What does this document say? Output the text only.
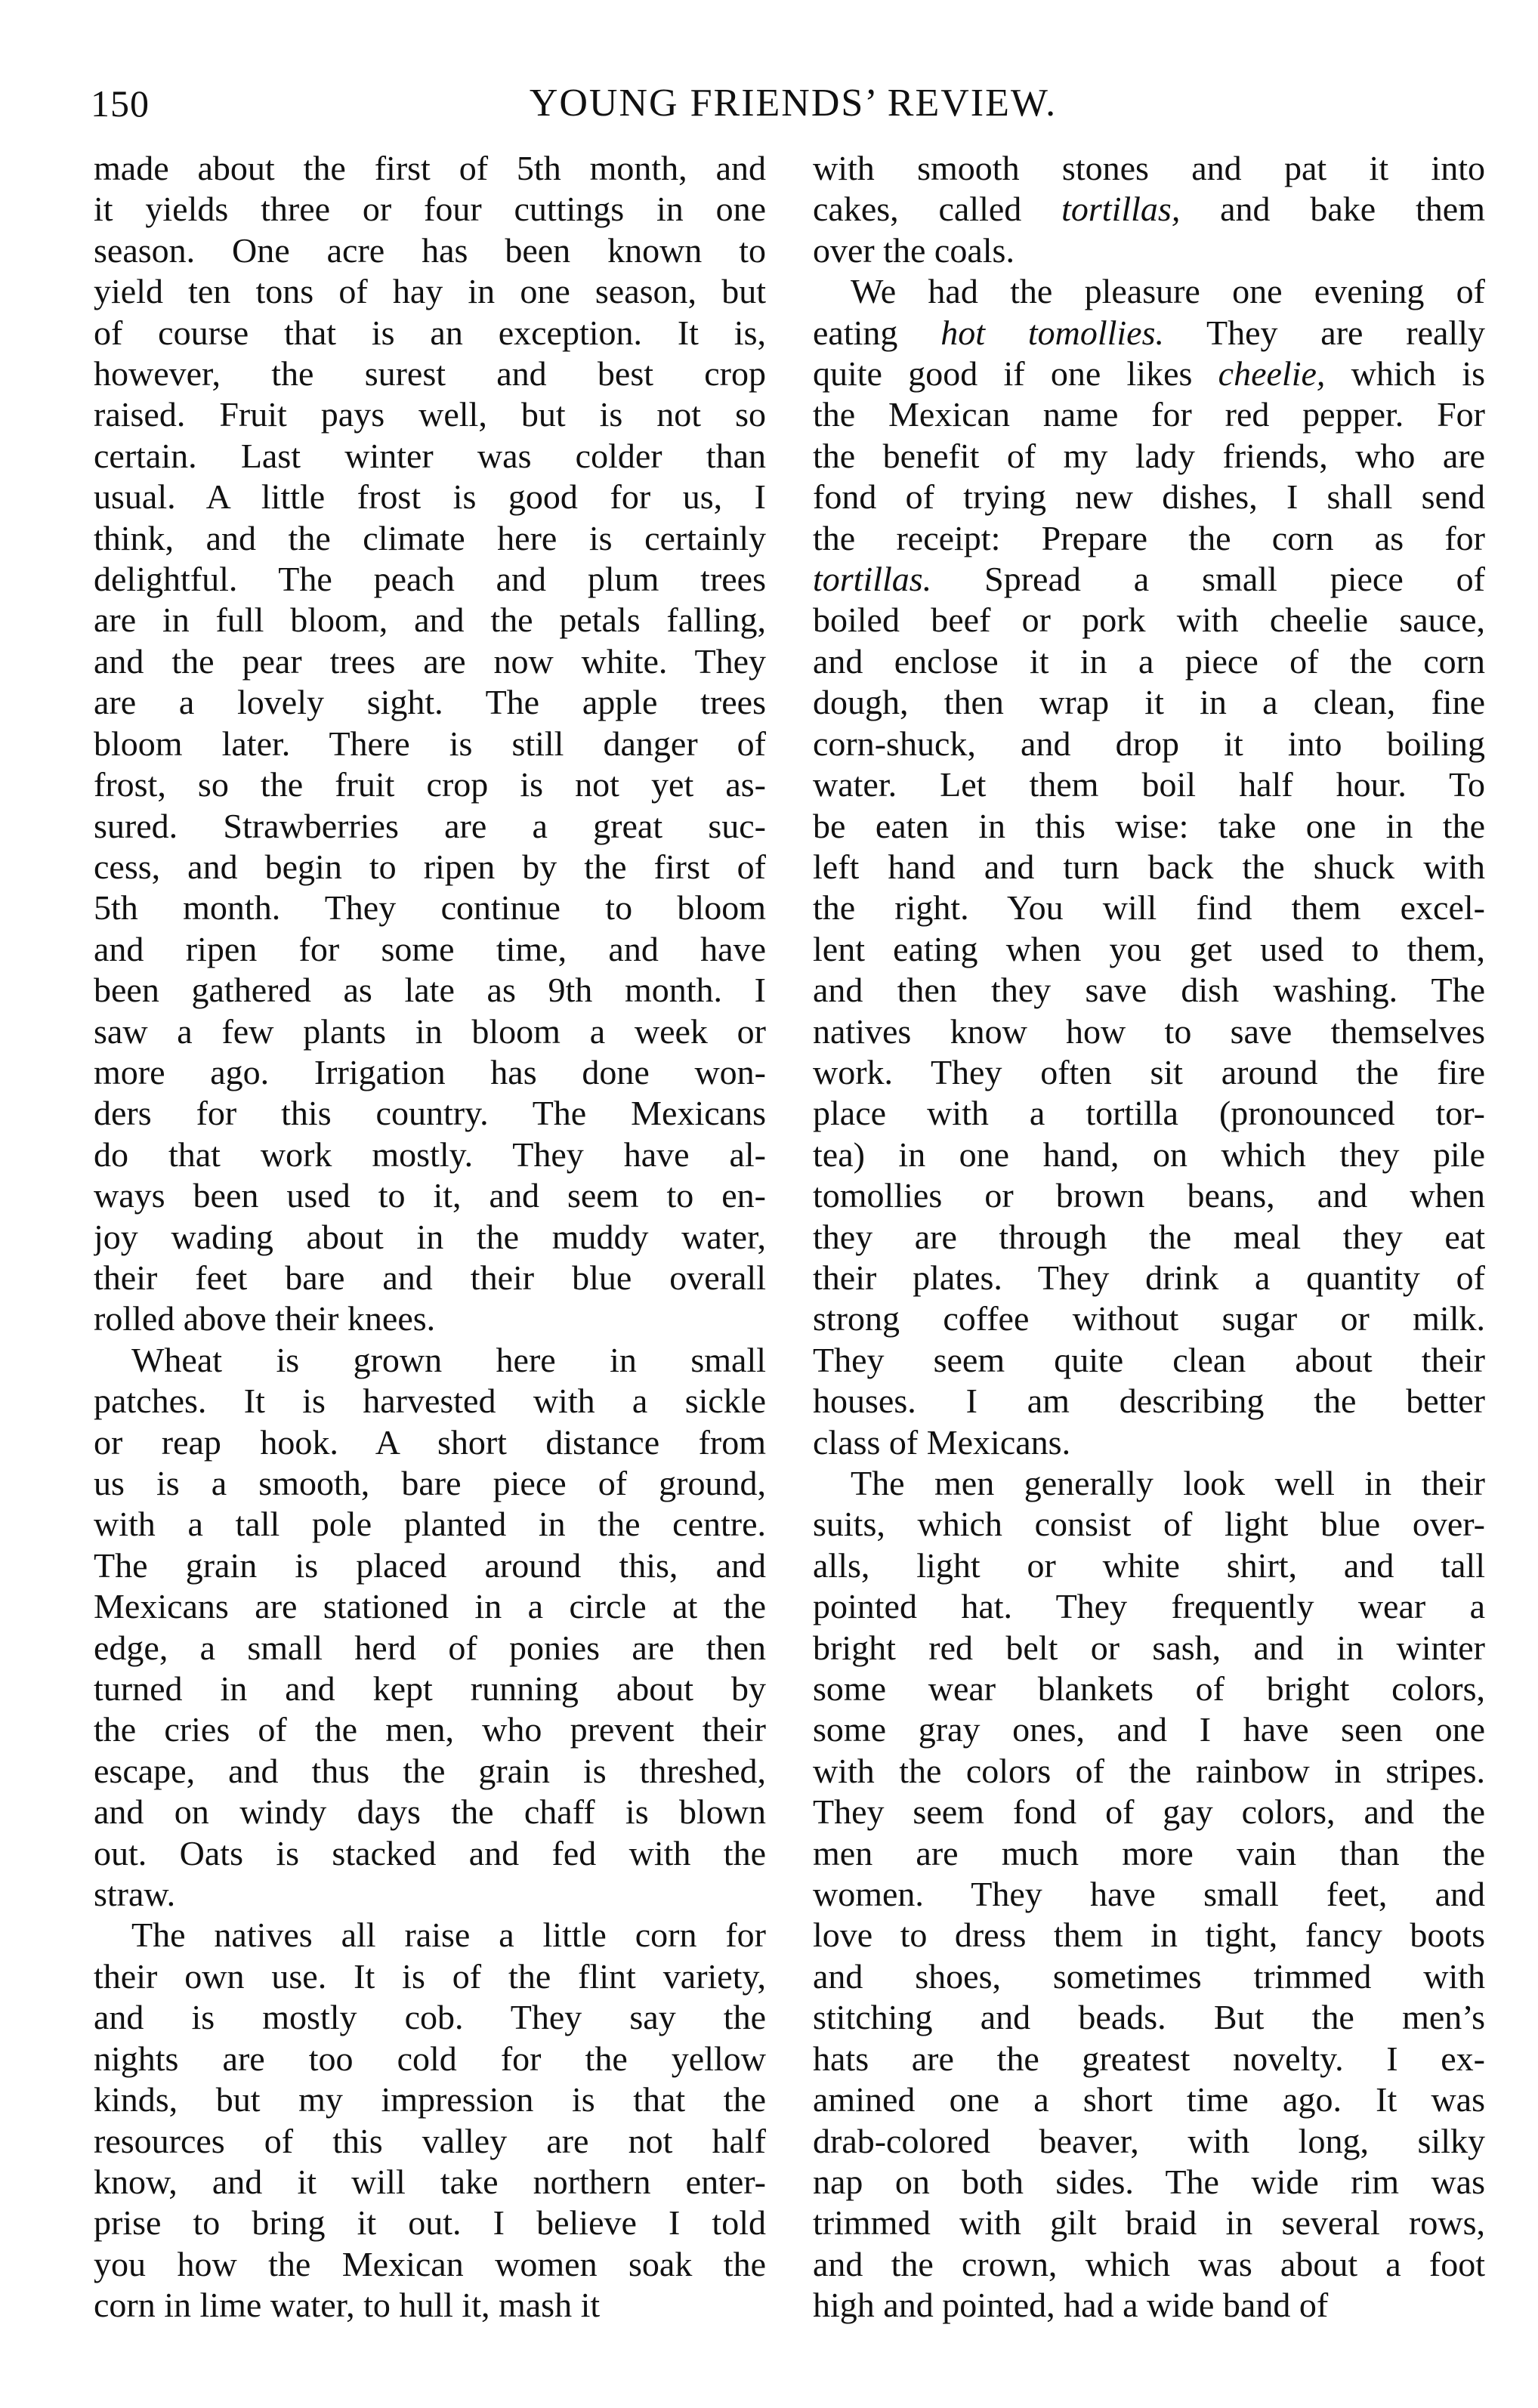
150	YOUNG FRIENDS’ REVIEW.

made about the first of 5th month, and
it yields three or four cuttings in one
season. One acre has been known to
yield ten tons of hay in one season, but
of course that is an exception. It is,
however, the surest and best crop
raised. Fruit pays well, but is not so
certain. Last winter was colder than
usual. A little frost is good for us, I
think, and the climate here is certainly
delightful. The peach and plum trees
are in full bloom, and the petals falling,
and the pear trees are now white. They
are a lovely sight. The apple trees
bloom later. There is still danger of
frost, so the fruit crop is not yet as-
sured. Strawberries are a great suc-
cess, and begin to ripen by the first of
5th month. They continue to bloom
and ripen for some time, and have
been gathered as late as 9th month. I
saw a few plants in bloom a week or
more ago. Irrigation has done won-
ders for this country. The Mexicans
do that work mostly. They have al-
ways been used to it, and seem to en-
joy wading about in the muddy water,
their feet bare and their blue overall
rolled above their knees.

Wheat is grown here in small
patches. It is harvested with a sickle
or reap hook. A short distance from
us is a smooth, bare piece of ground,
with a tall pole planted in the centre.
The grain is placed around this, and
Mexicans are stationed in a circle at the
edge, a small herd of ponies are then
turned in and kept running about by
the cries of the men, who prevent their
escape, and thus the grain is threshed,
and on windy days the chaff is blown
out. Oats is stacked and fed with the
straw.

The natives all raise a little corn for
their own use. It is of the flint variety,
and is mostly cob. They say the
nights are too cold for the yellow
kinds, but my impression is that the
resources of this valley are not half
know, and it will take northern enter-
prise to bring it out. I believe I told
you how the Mexican women soak the
corn in lime water, to hull it, mash it

with smooth stones and pat it into
cakes, called tortillas, and bake them
over the coals.

We had the pleasure one evening of
eating hot tomollies. They are really
quite good if one likes cheelie, which is
the Mexican name for red pepper. For
the benefit of my lady friends, who are
fond of trying new dishes, I shall send
the receipt: Prepare the corn as for
tortillas. Spread a small piece of
boiled beef or pork with cheelie sauce,
and enclose it in a piece of the corn
dough, then wrap it in a clean, fine
corn-shuck, and drop it into boiling
water. Let them boil half hour. To
be eaten in this wise: take one in the
left hand and turn back the shuck with
the right. You will find them excel-
lent eating when you get used to them,
and then they save dish washing. The
natives know how to save themselves
work. They often sit around the fire
place with a tortilla (pronounced tor-
tea) in one hand, on which they pile
tomollies or brown beans, and when
they are through the meal they eat
their plates. They drink a quantity of
strong coffee without sugar or milk.
They seem quite clean about their
houses. I am describing the better
class of Mexicans.

The men generally look well in their
suits, which consist of light blue over-
alls, light or white shirt, and tall
pointed hat. They frequently wear a
bright red belt or sash, and in winter
some wear blankets of bright colors,
some gray ones, and I have seen one
with the colors of the rainbow in stripes.
They seem fond of gay colors, and the
men are much more vain than the
women. They have small feet, and
love to dress them in tight, fancy boots
and shoes, sometimes trimmed with
stitching and beads. But the men’s
hats are the greatest novelty. I ex-
amined one a short time ago. It was
drab-colored beaver, with long, silky
nap on both sides. The wide rim was
trimmed with gilt braid in several rows,
and the crown, which was about a foot
high and pointed, had a wide band of
